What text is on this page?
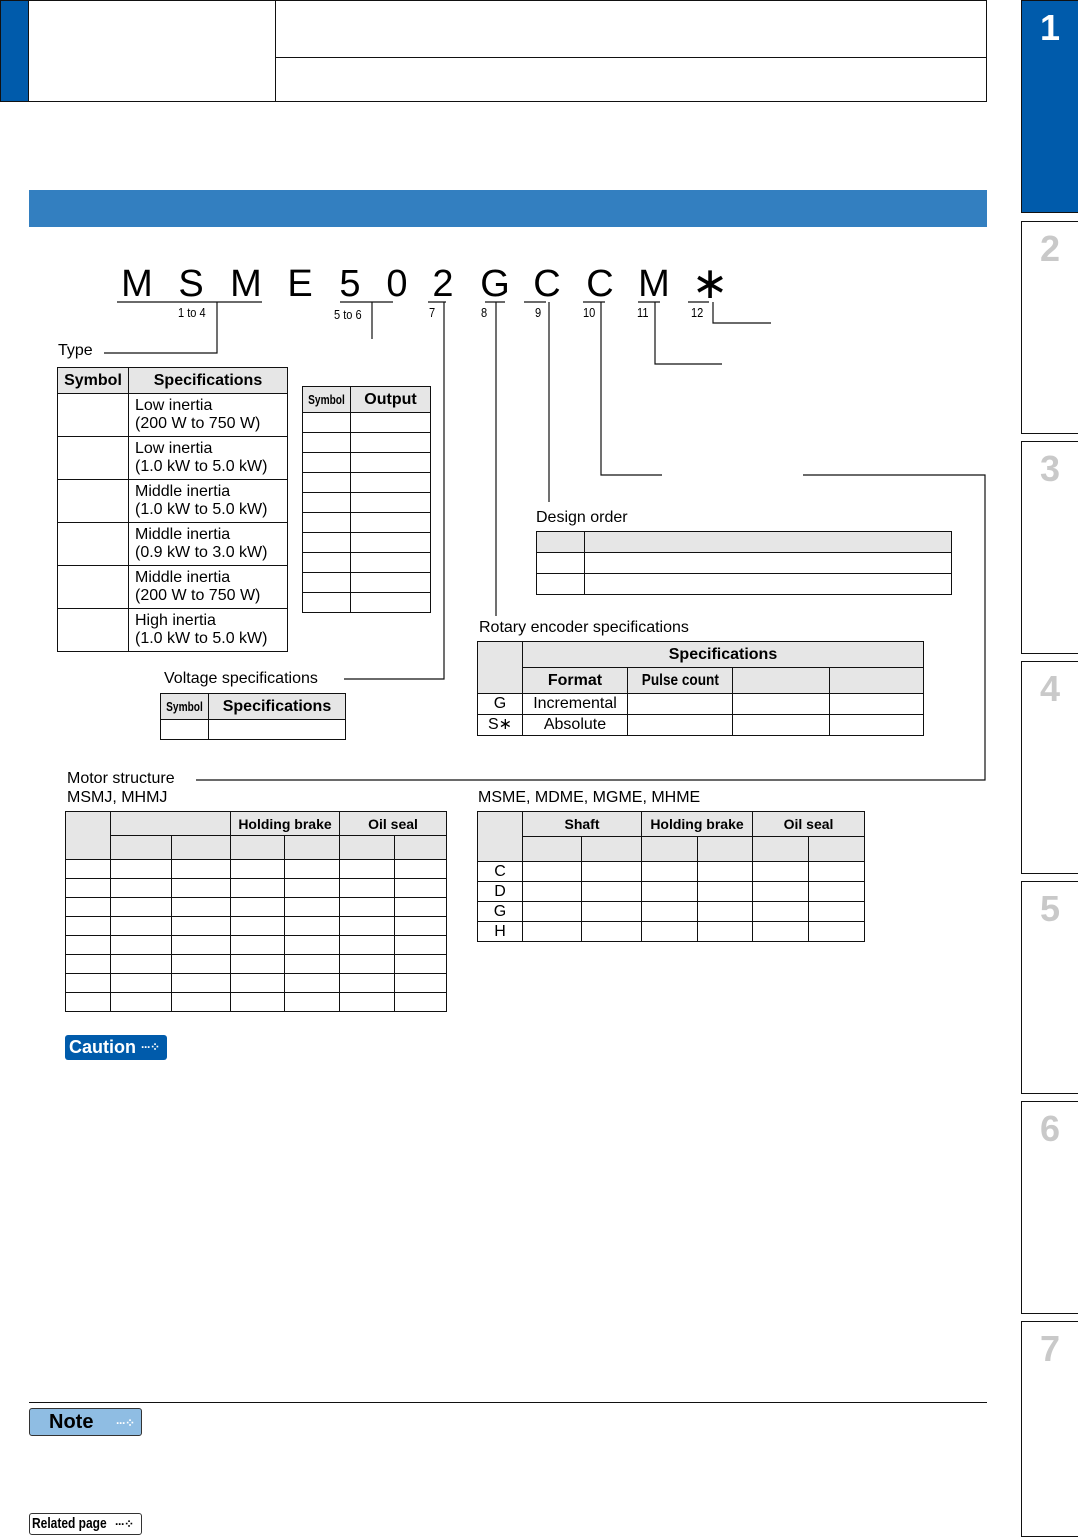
1
2
3
4
5
6
7
M S M E 5 0 2 G C C M ∗
1 to 4	5 to 6	7	8	9	10	11	12
Type
Symbol	Specifications
	Low inertia
(200 W to 750 W)
	Low inertia
(1.0 kW to 5.0 kW)
	Middle inertia
(1.0 kW to 5.0 kW)
	Middle inertia
(0.9 kW to 3.0 kW)
	Middle inertia
(200 W to 750 W)
	High inertia
(1.0 kW to 5.0 kW)
Symbol	Output

Voltage specifications
Symbol	Specifications

Design order

Rotary encoder specifications
	Specifications			
	Format	Pulse count		
G	Incremental			
S∗	Absolute			
Motor structure
MSMJ, MHMJ
			Holding brake		Oil seal	

MSME, MDME, MGME, MHME
	Shaft		Holding brake		Oil seal	

C						
D						
G						
H						
Caution ···⁘
Note ···⁘
Related page ···⁘
